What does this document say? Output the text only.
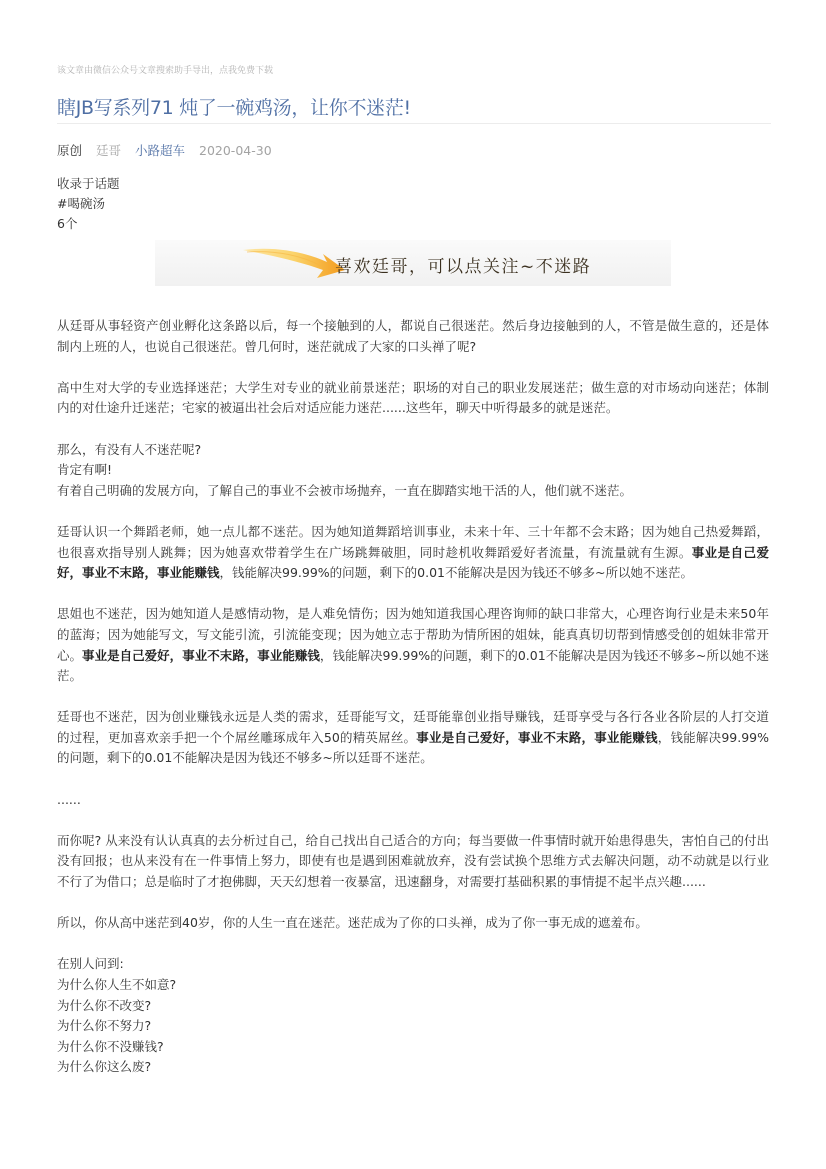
该文章由微信公众号文章搜索助手导出，点我免费下载
瞎JB写系列71 炖了一碗鸡汤，让你不迷茫!
原创 廷哥 小路超车 2020-04-30
收录于话题
#喝碗汤
6个
喜欢廷哥，可以点关注~不迷路

从廷哥从事轻资产创业孵化这条路以后，每一个接触到的人，都说自己很迷茫。然后身边接触到的人，不管是做生意的，还是体制内上班的人，也说自己很迷茫。曾几何时，迷茫就成了大家的口头禅了呢?

高中生对大学的专业选择迷茫；大学生对专业的就业前景迷茫；职场的对自己的职业发展迷茫；做生意的对市场动向迷茫；体制内的对仕途升迁迷茫；宅家的被逼出社会后对适应能力迷茫......这些年，聊天中听得最多的就是迷茫。

那么，有没有人不迷茫呢?

肯定有啊!

有着自己明确的发展方向，了解自己的事业不会被市场抛弃，一直在脚踏实地干活的人，他们就不迷茫。

廷哥认识一个舞蹈老师，她一点儿都不迷茫。因为她知道舞蹈培训事业，未来十年、三十年都不会末路；因为她自己热爱舞蹈，也很喜欢指导别人跳舞；因为她喜欢带着学生在广场跳舞破胆，同时趁机收舞蹈爱好者流量，有流量就有生源。事业是自己爱好，事业不末路，事业能赚钱，钱能解决99.99%的问题，剩下的0.01不能解决是因为钱还不够多~所以她不迷茫。

思姐也不迷茫，因为她知道人是感情动物，是人难免情伤；因为她知道我国心理咨询师的缺口非常大，心理咨询行业是未来50年的蓝海；因为她能写文，写文能引流，引流能变现；因为她立志于帮助为情所困的姐妹，能真真切切帮到情感受创的姐妹非常开心。事业是自己爱好，事业不末路，事业能赚钱，钱能解决99.99%的问题，剩下的0.01不能解决是因为钱还不够多~所以她不迷茫。

廷哥也不迷茫，因为创业赚钱永远是人类的需求，廷哥能写文，廷哥能靠创业指导赚钱，廷哥享受与各行各业各阶层的人打交道的过程，更加喜欢亲手把一个个屌丝雕琢成年入50的精英屌丝。事业是自己爱好，事业不末路，事业能赚钱，钱能解决99.99%的问题，剩下的0.01不能解决是因为钱还不够多~所以廷哥不迷茫。

......

而你呢? 从来没有认认真真的去分析过自己，给自己找出自己适合的方向；每当要做一件事情时就开始患得患失，害怕自己的付出没有回报；也从来没有在一件事情上努力，即使有也是遇到困难就放弃，没有尝试换个思维方式去解决问题，动不动就是以行业不行了为借口；总是临时了才抱佛脚，天天幻想着一夜暴富，迅速翻身，对需要打基础积累的事情提不起半点兴趣......

所以，你从高中迷茫到40岁，你的人生一直在迷茫。迷茫成为了你的口头禅，成为了你一事无成的遮羞布。

在别人问到:

为什么你人生不如意?

为什么你不改变?

为什么你不努力?

为什么你不没赚钱?

为什么你这么废?
